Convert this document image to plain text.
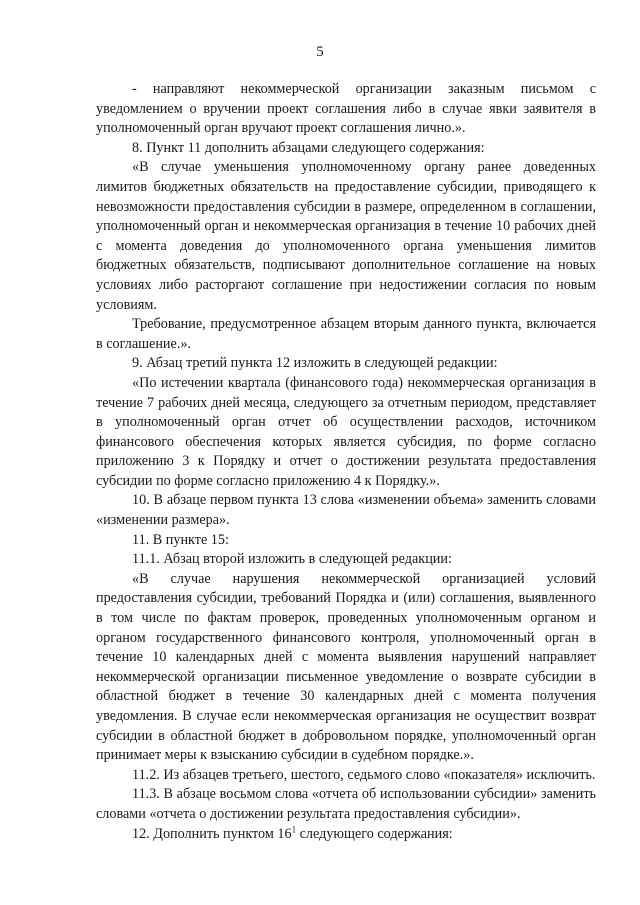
5

- направляют некоммерческой организации заказным письмом с уведомлением о вручении проект соглашения либо в случае явки заявителя в уполномоченный орган вручают проект соглашения лично.».

8. Пункт 11 дополнить абзацами следующего содержания:

«В случае уменьшения уполномоченному органу ранее доведенных лимитов бюджетных обязательств на предоставление субсидии, приводящего к невозможности предоставления субсидии в размере, определенном в соглашении, уполномоченный орган и некоммерческая организация в течение 10 рабочих дней с момента доведения до уполномоченного органа уменьшения лимитов бюджетных обязательств, подписывают дополнительное соглашение на новых условиях либо расторгают соглашение при недостижении согласия по новым условиям.

Требование, предусмотренное абзацем вторым данного пункта, включается в соглашение.».

9. Абзац третий пункта 12 изложить в следующей редакции:

«По истечении квартала (финансового года) некоммерческая организация в течение 7 рабочих дней месяца, следующего за отчетным периодом, представляет в уполномоченный орган отчет об осуществлении расходов, источником финансового обеспечения которых является субсидия, по форме согласно приложению 3 к Порядку и отчет о достижении результата предоставления субсидии по форме согласно приложению 4 к Порядку.».

10. В абзаце первом пункта 13 слова «изменении объема» заменить словами «изменении размера».

11. В пункте 15:

11.1. Абзац второй изложить в следующей редакции:

«В случае нарушения некоммерческой организацией условий предоставления субсидии, требований Порядка и (или) соглашения, выявленного в том числе по фактам проверок, проведенных уполномоченным органом и органом государственного финансового контроля, уполномоченный орган в течение 10 календарных дней с момента выявления нарушений направляет некоммерческой организации письменное уведомление о возврате субсидии в областной бюджет в течение 30 календарных дней с момента получения уведомления. В случае если некоммерческая организация не осуществит возврат субсидии в областной бюджет в добровольном порядке, уполномоченный орган принимает меры к взысканию субсидии в судебном порядке.».

11.2. Из абзацев третьего, шестого, седьмого слово «показателя» исключить.

11.3. В абзаце восьмом слова «отчета об использовании субсидии» заменить словами «отчета о достижении результата предоставления субсидии».

12. Дополнить пунктом $16^1$ следующего содержания:
